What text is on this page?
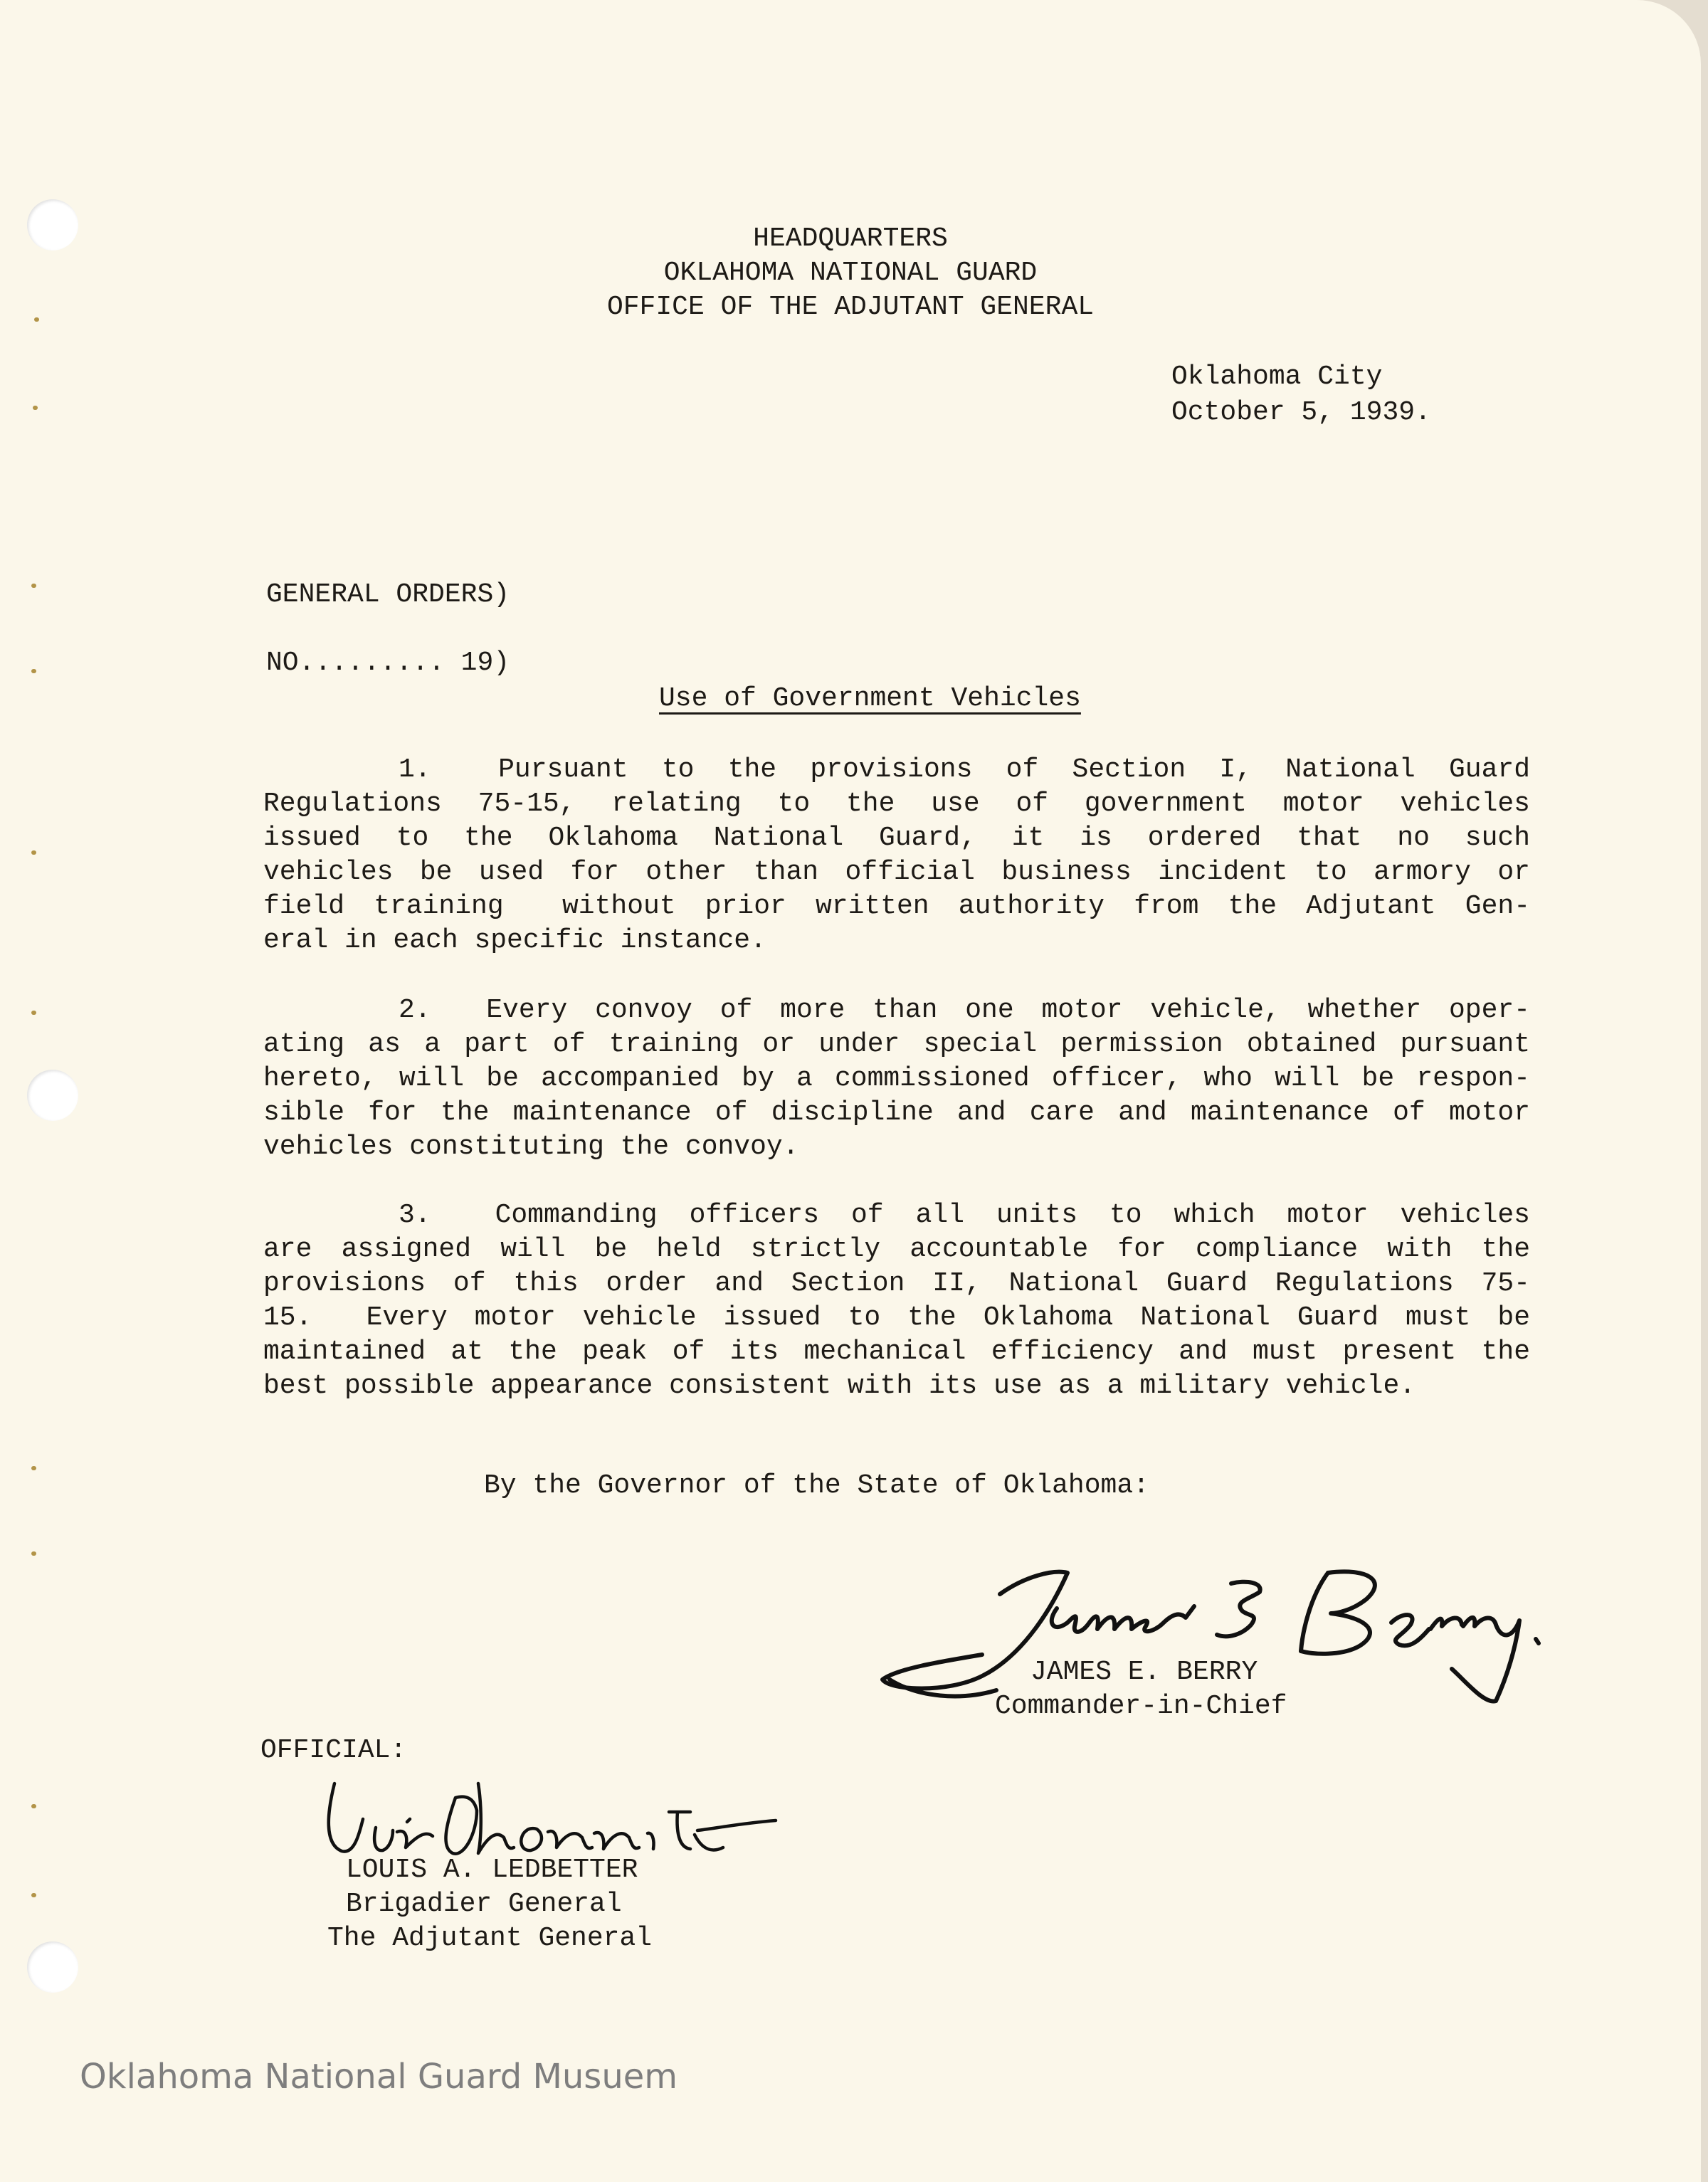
HEADQUARTERS
OKLAHOMA NATIONAL GUARD
OFFICE OF THE ADJUTANT GENERAL
Oklahoma City
October 5, 1939.
GENERAL ORDERS)
NO......... 19)
Use of Government Vehicles
1.  Pursuant to the provisions of Section I, National Guard
Regulations 75-15, relating to the use of government motor vehicles
issued to the Oklahoma National Guard, it is ordered that no such
vehicles be used for other than official business incident to armory or
field training  without prior written authority from the Adjutant Gen-
eral in each specific instance.
2.  Every convoy of more than one motor vehicle, whether oper-
ating as a part of training or under special permission obtained pursuant
hereto, will be accompanied by a commissioned officer, who will be respon-
sible for the maintenance of discipline and care and maintenance of motor
vehicles constituting the convoy.
3.  Commanding officers of all units to which motor vehicles
are assigned will be held strictly accountable for compliance with the
provisions of this order and Section II, National Guard Regulations 75-
15.  Every motor vehicle issued to the Oklahoma National Guard must be
maintained at the peak of its mechanical efficiency and must present the
best possible appearance consistent with its use as a military vehicle.
By the Governor of the State of Oklahoma:
JAMES E. BERRY
Commander-in-Chief
OFFICIAL:
LOUIS A. LEDBETTER
Brigadier General
The Adjutant General
Oklahoma National Guard Musuem
